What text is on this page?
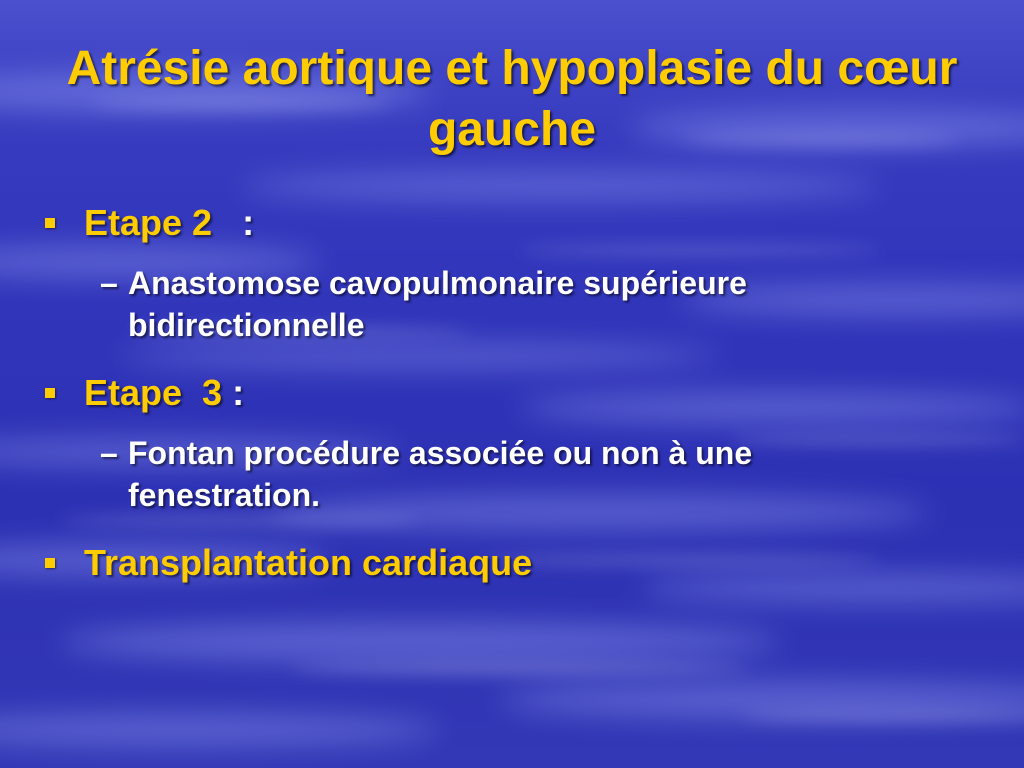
Atrésie aortique et hypoplasie du cœur gauche

Etape 2   :

– Anastomose cavopulmonaire supérieure bidirectionnelle

Etape  3 :

– Fontan procédure associée ou non à une fenestration.

Transplantation cardiaque
